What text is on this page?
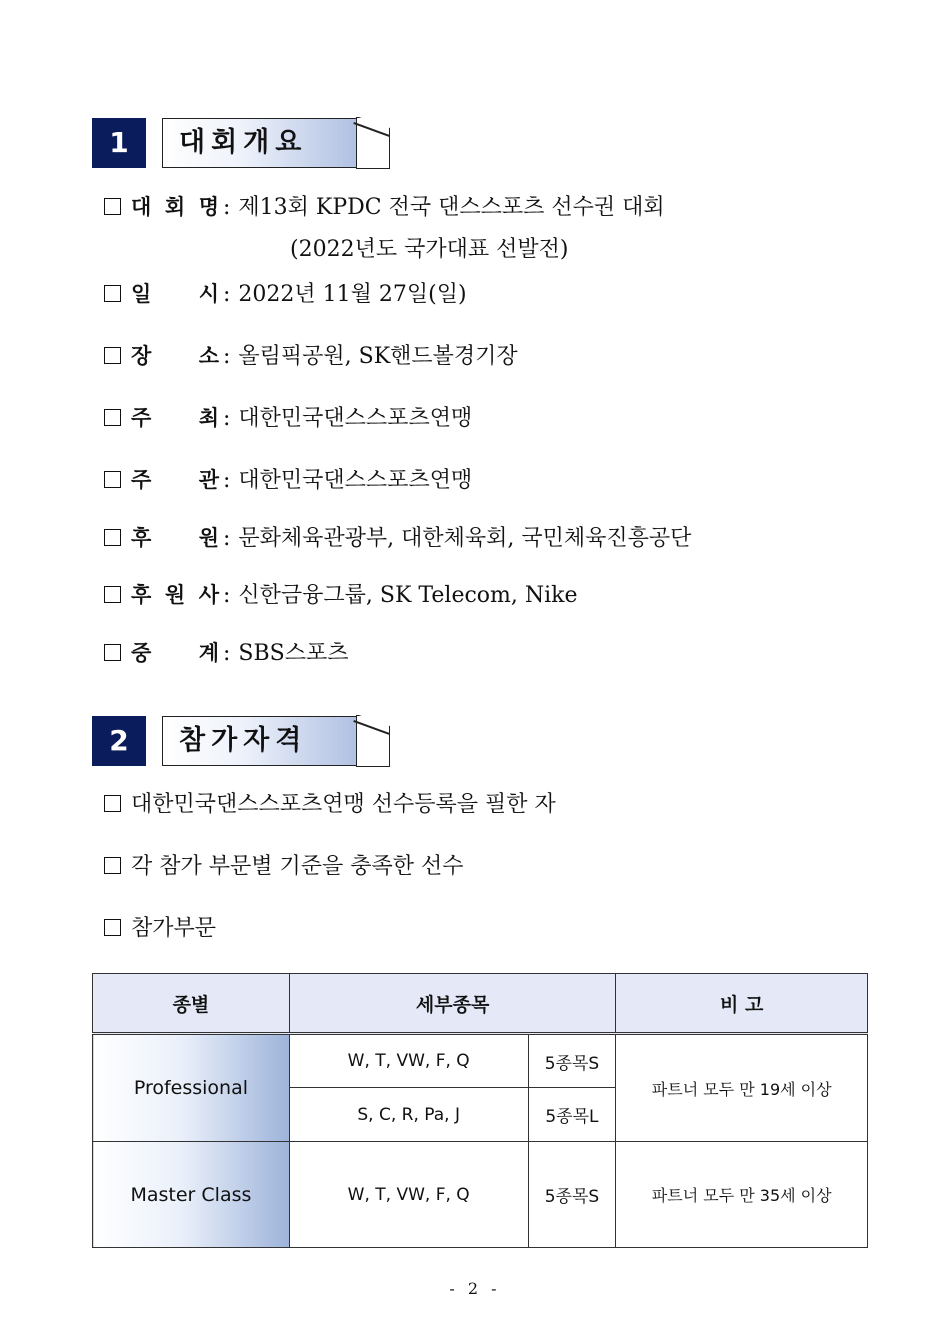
1	대회개요
대 회 명 : 제13회 KPDC 전국 댄스스포츠 선수권 대회
(2022년도 국가대표 선발전)
일 시 : 2022년 11월 27일(일)
장 소 : 올림픽공원, SK핸드볼경기장
주 최 : 대한민국댄스스포츠연맹
주 관 : 대한민국댄스스포츠연맹
후 원 : 문화체육관광부, 대한체육회, 국민체육진흥공단
후 원 사 : 신한금융그룹, SK Telecom, Nike
중 계 : SBS스포츠
2	참가자격
대한민국댄스스포츠연맹 선수등록을 필한 자
각 참가 부문별 기준을 충족한 선수
참가부문
종별	세부종목		비 고
Professional	W, T, VW, F, Q	5종목S	파트너 모두 만 19세 이상
	S, C, R, Pa, J	5종목L	
Master Class	W, T, VW, F, Q	5종목S	파트너 모두 만 35세 이상
- 2 -
